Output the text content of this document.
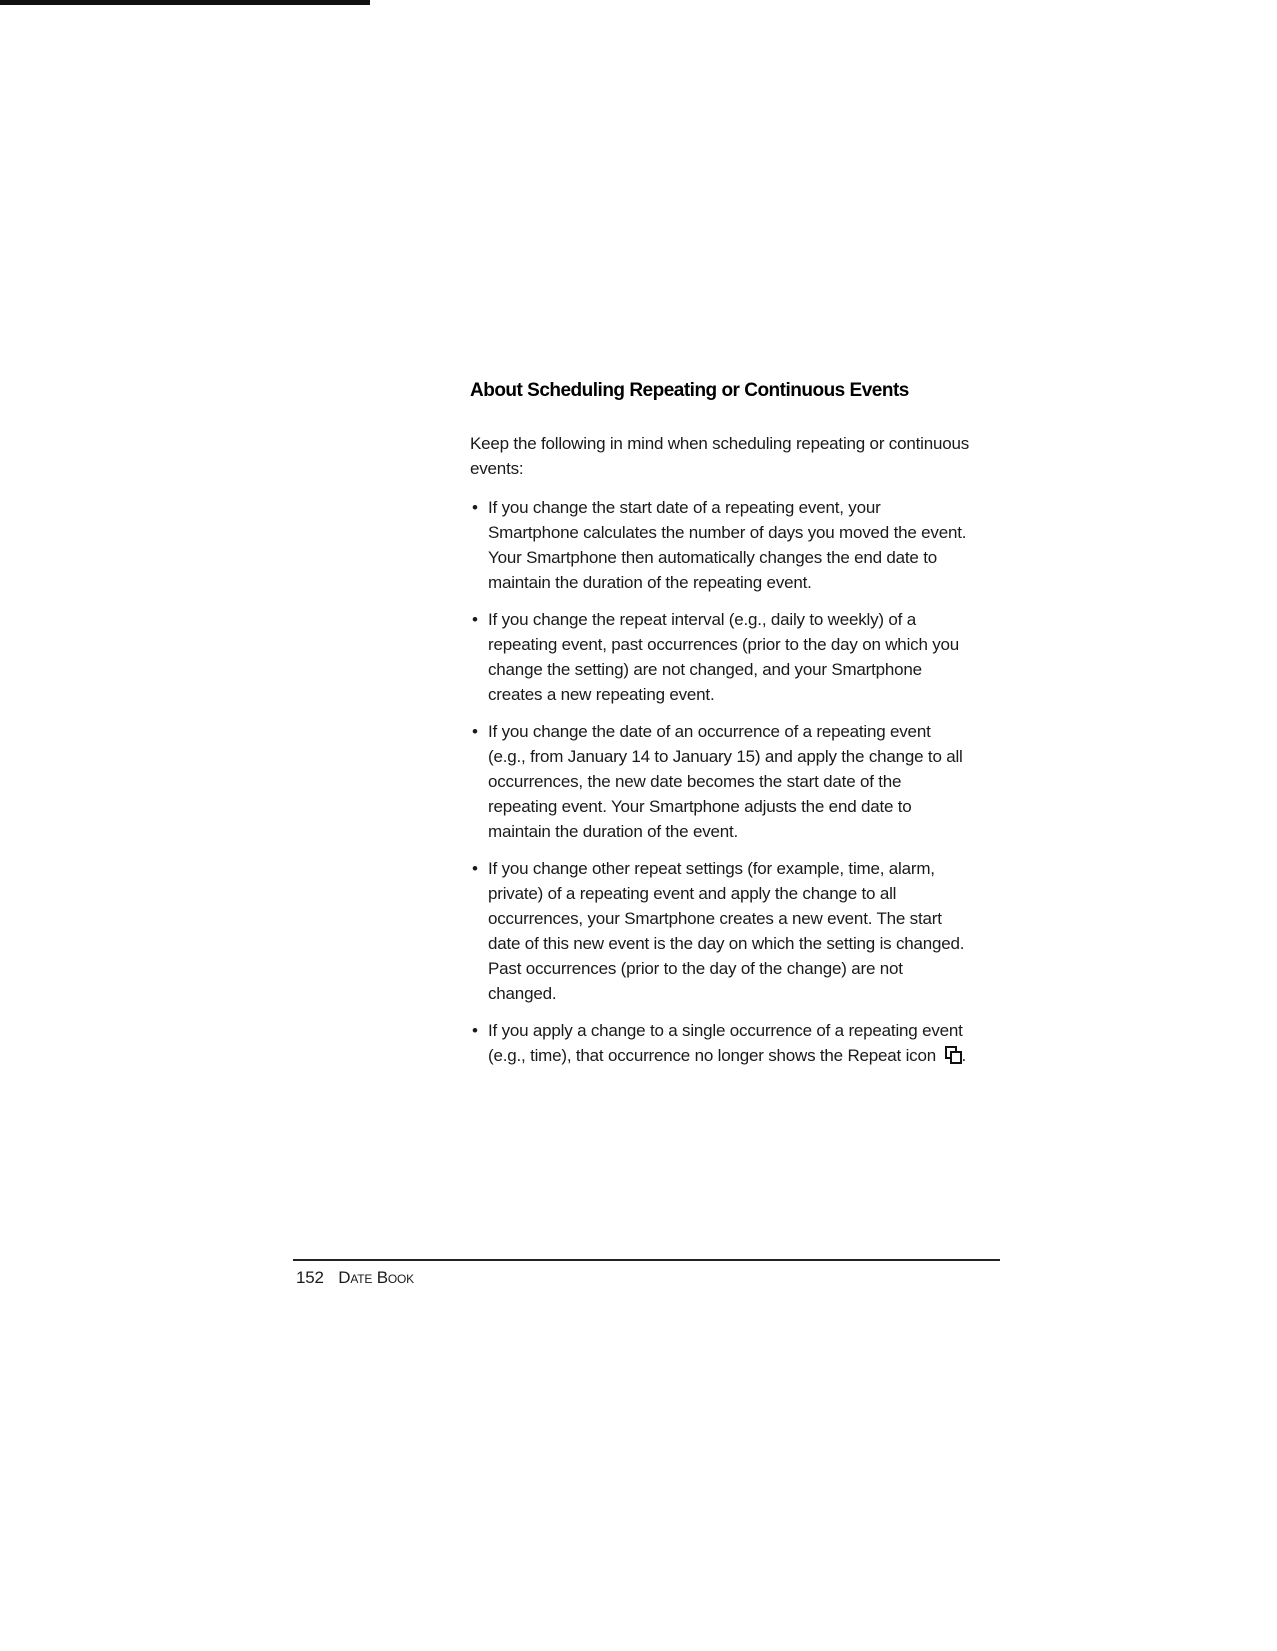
About Scheduling Repeating or Continuous Events

Keep the following in mind when scheduling repeating or continuous events:

• If you change the start date of a repeating event, your Smartphone calculates the number of days you moved the event. Your Smartphone then automatically changes the end date to maintain the duration of the repeating event.
• If you change the repeat interval (e.g., daily to weekly) of a repeating event, past occurrences (prior to the day on which you change the setting) are not changed, and your Smartphone creates a new repeating event.
• If you change the date of an occurrence of a repeating event (e.g., from January 14 to January 15) and apply the change to all occurrences, the new date becomes the start date of the repeating event. Your Smartphone adjusts the end date to maintain the duration of the event.
• If you change other repeat settings (for example, time, alarm, private) of a repeating event and apply the change to all occurrences, your Smartphone creates a new event. The start date of this new event is the day on which the setting is changed. Past occurrences (prior to the day of the change) are not changed.
• If you apply a change to a single occurrence of a repeating event (e.g., time), that occurrence no longer shows the Repeat icon .
152 Date Book
